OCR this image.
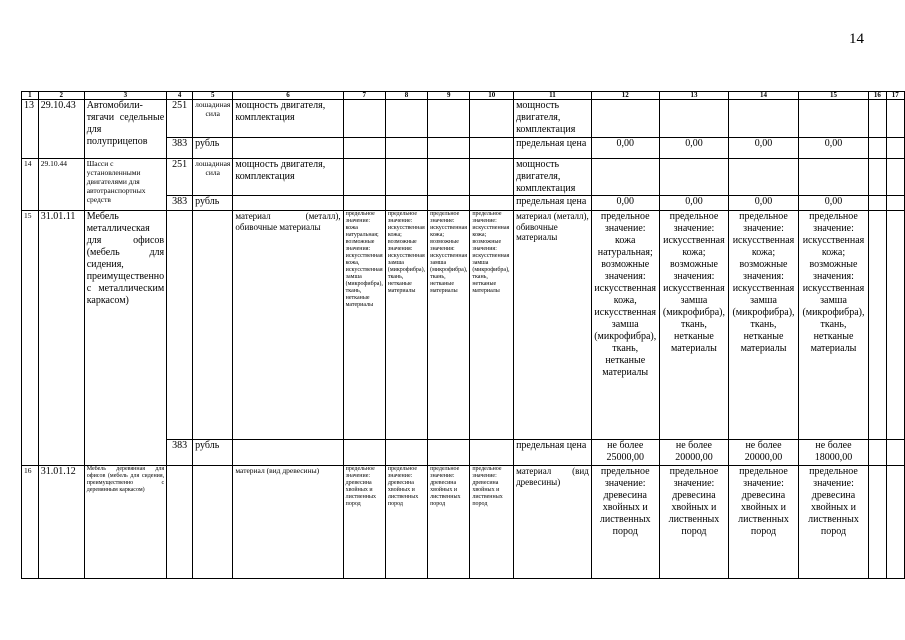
14
1	2	3	4	5	6	7	8	9	10	11	12	13	14	15	16	17
13	29.10.43	Автомобили-тягачи седельные для полуприцепов	251	лошадиная сила	мощность двигателя, комплектация					мощность двигателя, комплектация						
			383	рубль						предельная цена	0,00	0,00	0,00	0,00		
14	29.10.44	Шасси с установленными двигателями для автотранспортных средств	251	лошадиная сила	мощность двигателя, комплектация					мощность двигателя, комплектация						
			383	рубль						предельная цена	0,00	0,00	0,00	0,00		
15	31.01.11	Мебель металлическая для офисов (мебель для сидения, преимущественно с металлическим каркасом)			материал (металл), обивочные материалы	предельное значение: кожа натуральная; возможные значения: искусственная кожа, искусственная замша (микрофибра), ткань, нетканые материалы	предельное значение: искусственная кожа; возможные значения: искусственная замша (микрофибра), ткань, нетканые материалы	предельное значение: искусственная кожа; возможные значения: искусственная замша (микрофибра), ткань, нетканые материалы	предельное значение: искусственная кожа; возможные значения: искусственная замша (микрофибра), ткань, нетканые материалы	материал (металл), обивочные материалы	предельное значение: кожа натуральная; возможные значения: искусственная кожа, искусственная замша (микрофибра), ткань, нетканые материалы	предельное значение: искусственная кожа; возможные значения: искусственная замша (микрофибра), ткань, нетканые материалы	предельное значение: искусственная кожа; возможные значения: искусственная замша (микрофибра), ткань, нетканые материалы	предельное значение: искусственная кожа; возможные значения: искусственная замша (микрофибра), ткань, нетканые материалы		
			383	рубль						предельная цена	не более 25000,00	не более 20000,00	не более 20000,00	не более 18000,00		
16	31.01.12	Мебель деревянная для офисов (мебель для сидения, преимущественно с деревянным каркасом)			материал (вид древесины)	предельное значение: древесина хвойных и лиственных пород	предельное значение: древесина хвойных и лиственных пород	предельное значение: древесина хвойных и лиственных пород	предельное значение: древесина хвойных и лиственных пород	материал (вид древесины)	предельное значение: древесина хвойных и лиственных пород	предельное значение: древесина хвойных и лиственных пород	предельное значение: древесина хвойных и лиственных пород	предельное значение: древесина хвойных и лиственных пород		
